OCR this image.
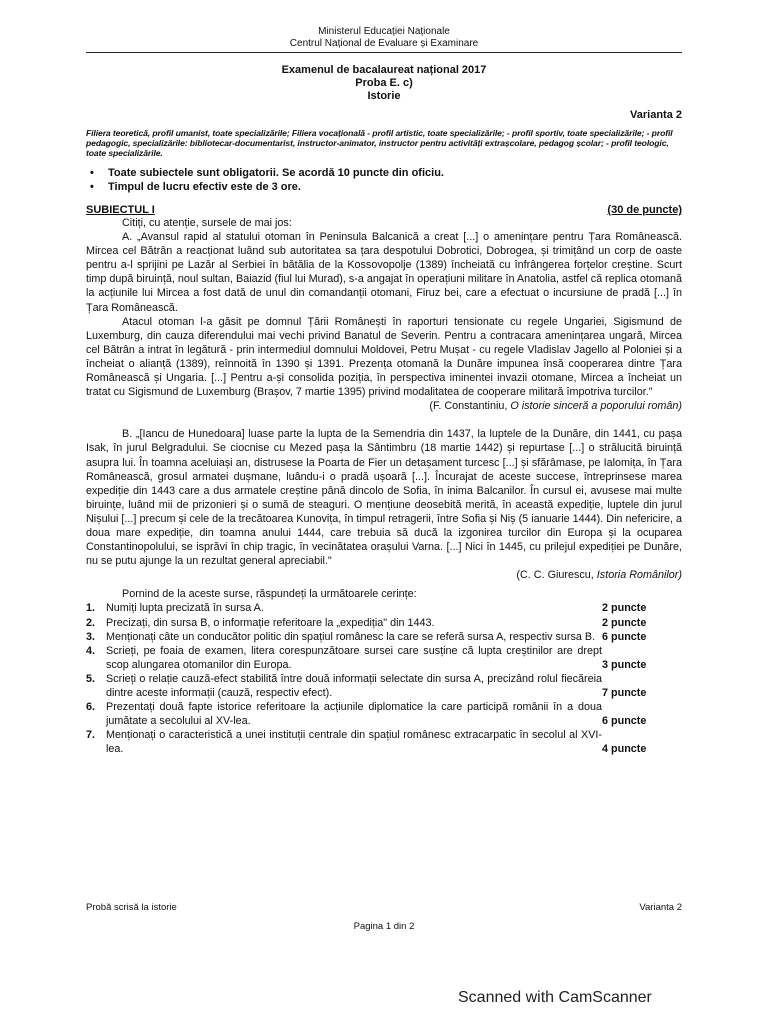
Ministerul Educației Naționale
Centrul Național de Evaluare și Examinare
Examenul de bacalaureat național 2017
Proba E. c)
Istorie
Varianta 2
Filiera teoretică, profil umanist, toate specializările; Filiera vocațională - profil artistic, toate specializările; - profil sportiv, toate specializările; - profil pedagogic, specializările: bibliotecar-documentarist, instructor-animator, instructor pentru activități extrașcolare, pedagog școlar; - profil teologic, toate specializările.
• Toate subiectele sunt obligatorii. Se acordă 10 puncte din oficiu.
• Timpul de lucru efectiv este de 3 ore.
SUBIECTUL I	(30 de puncte)
Citiți, cu atenție, sursele de mai jos:
A. „Avansul rapid al statului otoman în Peninsula Balcanică a creat [...] o amenințare pentru Țara Românească. Mircea cel Bătrân a reacționat luând sub autoritatea sa țara despotului Dobrotici, Dobrogea, și trimițând un corp de oaste pentru a-l sprijini pe Lazăr al Serbiei în bătălia de la Kossovopolje (1389) încheiată cu înfrângerea forțelor creștine. Scurt timp după biruință, noul sultan, Baiazid (fiul lui Murad), s-a angajat în operațiuni militare în Anatolia, astfel că replica otomană la acțiunile lui Mircea a fost dată de unul din comandanții otomani, Firuz bei, care a efectuat o incursiune de pradă [...] în Țara Românească.
Atacul otoman l-a găsit pe domnul Țării Românești în raporturi tensionate cu regele Ungariei, Sigismund de Luxemburg, din cauza diferendului mai vechi privind Banatul de Severin. Pentru a contracara amenințarea ungară, Mircea cel Bătrân a intrat în legătură - prin intermediul domnului Moldovei, Petru Mușat - cu regele Vladislav Jagello al Poloniei și a încheiat o alianță (1389), reînnoită în 1390 și 1391. Prezența otomană la Dunăre impunea însă cooperarea dintre Țara Românească și Ungaria. [...] Pentru a-și consolida poziția, în perspectiva iminentei invazii otomane, Mircea a încheiat un tratat cu Sigismund de Luxemburg (Brașov, 7 martie 1395) privind modalitatea de cooperare militară împotriva turcilor."
(F. Constantiniu, O istorie sinceră a poporului român)
B. „[Iancu de Hunedoara] luase parte la lupta de la Semendria din 1437, la luptele de la Dunăre, din 1441, cu pașa Isak, în jurul Belgradului. Se ciocnise cu Mezed pașa la Sântimbru (18 martie 1442) și repurtase [...] o strălucită biruință asupra lui. În toamna aceluiași an, distrusese la Poarta de Fier un detașament turcesc [...] și sfărâmase, pe Ialomița, în Țara Românească, grosul armatei dușmane, luându-i o pradă ușoară [...]. Încurajat de aceste succese, întreprinsese marea expediție din 1443 care a dus armatele creștine până dincolo de Sofia, în inima Balcanilor. În cursul ei, avusese mai multe biruințe, luând mii de prizonieri și o sumă de steaguri. O mențiune deosebită merită, în această expediție, luptele din jurul Nișului [...] precum și cele de la trecătoarea Kunovița, în timpul retragerii, între Sofia și Niș (5 ianuarie 1444). Din nefericire, a doua mare expediție, din toamna anului 1444, care trebuia să ducă la izgonirea turcilor din Europa și la ocuparea Constantinopolului, se isprăvi în chip tragic, în vecinătatea orașului Varna. [...] Nici în 1445, cu prilejul expediției pe Dunăre, nu se putu ajunge la un rezultat general apreciabil."
(C. C. Giurescu, Istoria Românilor)
Pornind de la aceste surse, răspundeți la următoarele cerințe:
1.	Numiți lupta precizată în sursa A.	2 puncte
2.	Precizați, din sursa B, o informație referitoare la „expediția" din 1443.	2 puncte
3.	Menționați câte un conducător politic din spațiul românesc la care se referă sursa A, respectiv sursa B. 6 puncte
4.	Scrieți, pe foaia de examen, litera corespunzătoare sursei care susține că lupta creștinilor are drept scop alungarea otomanilor din Europa.	3 puncte
5.	Scrieți o relație cauză-efect stabilită între două informații selectate din sursa A, precizând rolul fiecăreia dintre aceste informații (cauză, respectiv efect).	7 puncte
6.	Prezentați două fapte istorice referitoare la acțiunile diplomatice la care participă românii în a doua jumătate a secolului al XV-lea.	6 puncte
7.	Menționați o caracteristică a unei instituții centrale din spațiul românesc extracarpatic în secolul al XVI-lea.	4 puncte
Probă scrisă la istorie	Varianta 2
Pagina 1 din 2
Scanned with CamScanner
